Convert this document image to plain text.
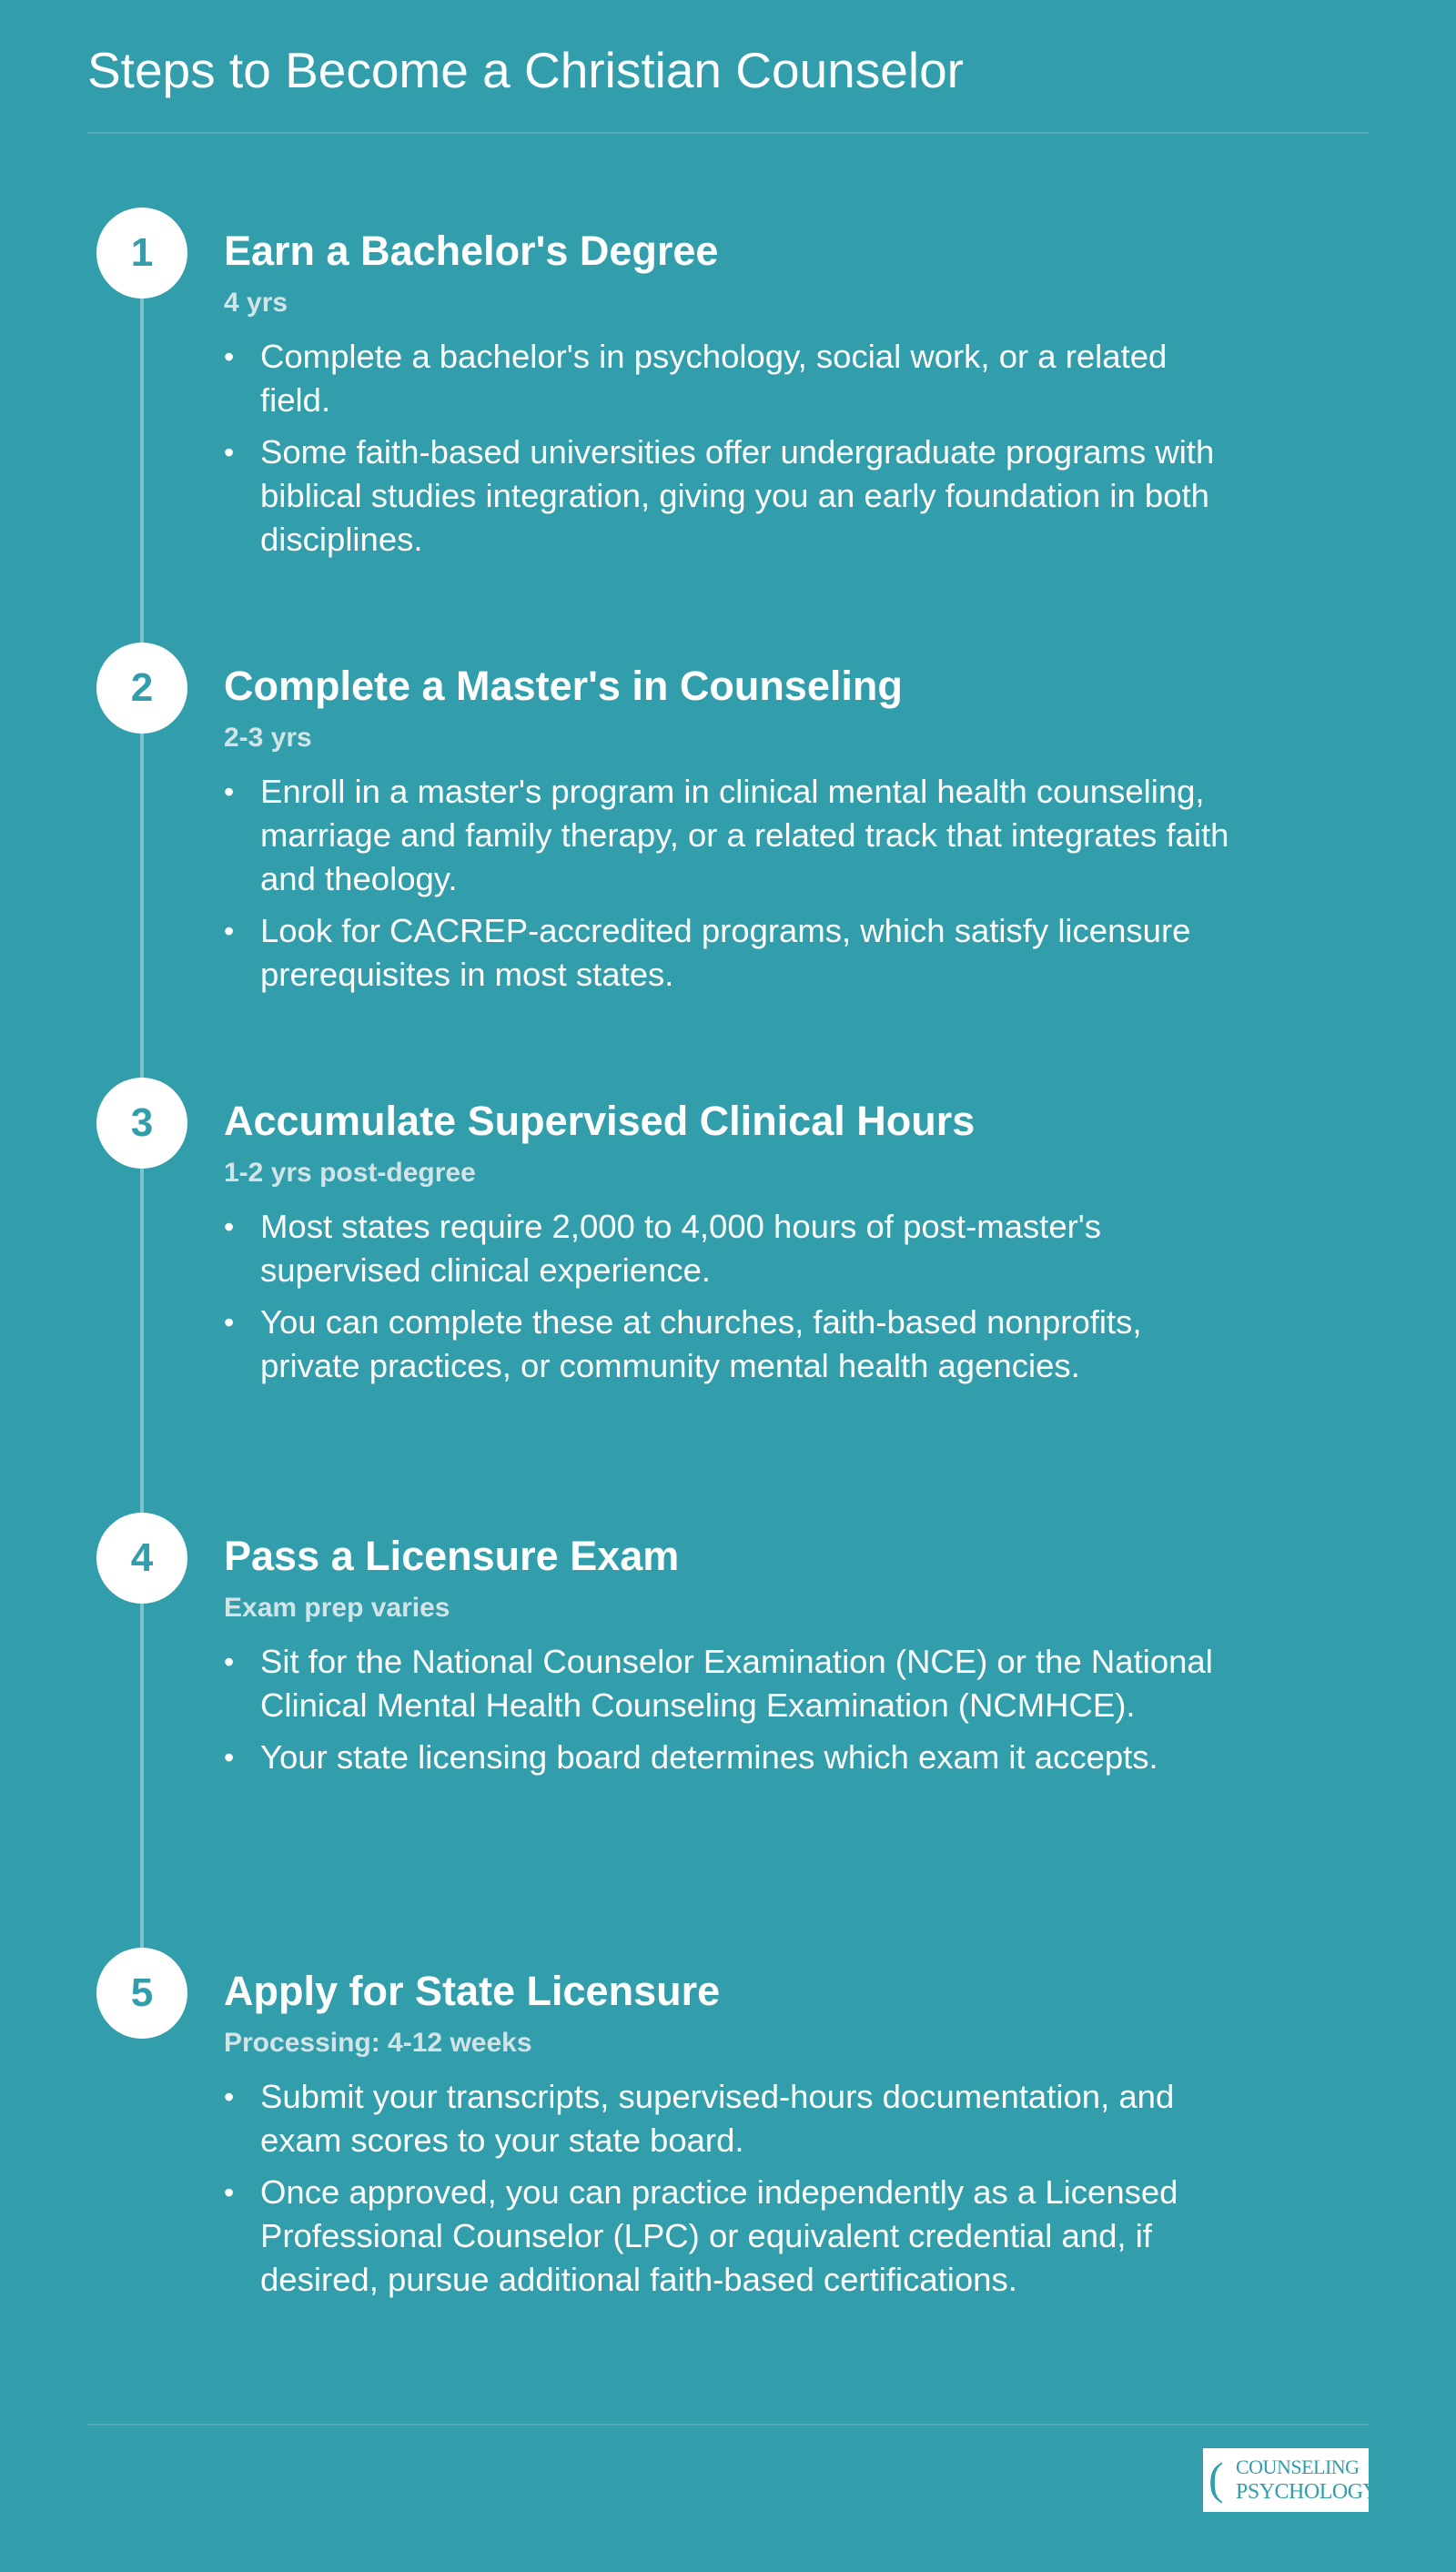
Steps to Become a Christian Counselor
1	Earn a Bachelor's Degree
4 yrs
• Complete a bachelor's in psychology, social work, or a related field.
• Some faith-based universities offer undergraduate programs with biblical studies integration, giving you an early foundation in both disciplines.
2	Complete a Master's in Counseling
2-3 yrs
• Enroll in a master's program in clinical mental health counseling, marriage and family therapy, or a related track that integrates faith and theology.
• Look for CACREP-accredited programs, which satisfy licensure prerequisites in most states.
3	Accumulate Supervised Clinical Hours
1-2 yrs post-degree
• Most states require 2,000 to 4,000 hours of post-master's supervised clinical experience.
• You can complete these at churches, faith-based nonprofits, private practices, or community mental health agencies.
4	Pass a Licensure Exam
Exam prep varies
• Sit for the National Counselor Examination (NCE) or the National Clinical Mental Health Counseling Examination (NCMHCE).
• Your state licensing board determines which exam it accepts.
5	Apply for State Licensure
Processing: 4-12 weeks
• Submit your transcripts, supervised-hours documentation, and exam scores to your state board.
• Once approved, you can practice independently as a Licensed Professional Counselor (LPC) or equivalent credential and, if desired, pursue additional faith-based certifications.
( COUNSELING
PSYCHOLOGY
